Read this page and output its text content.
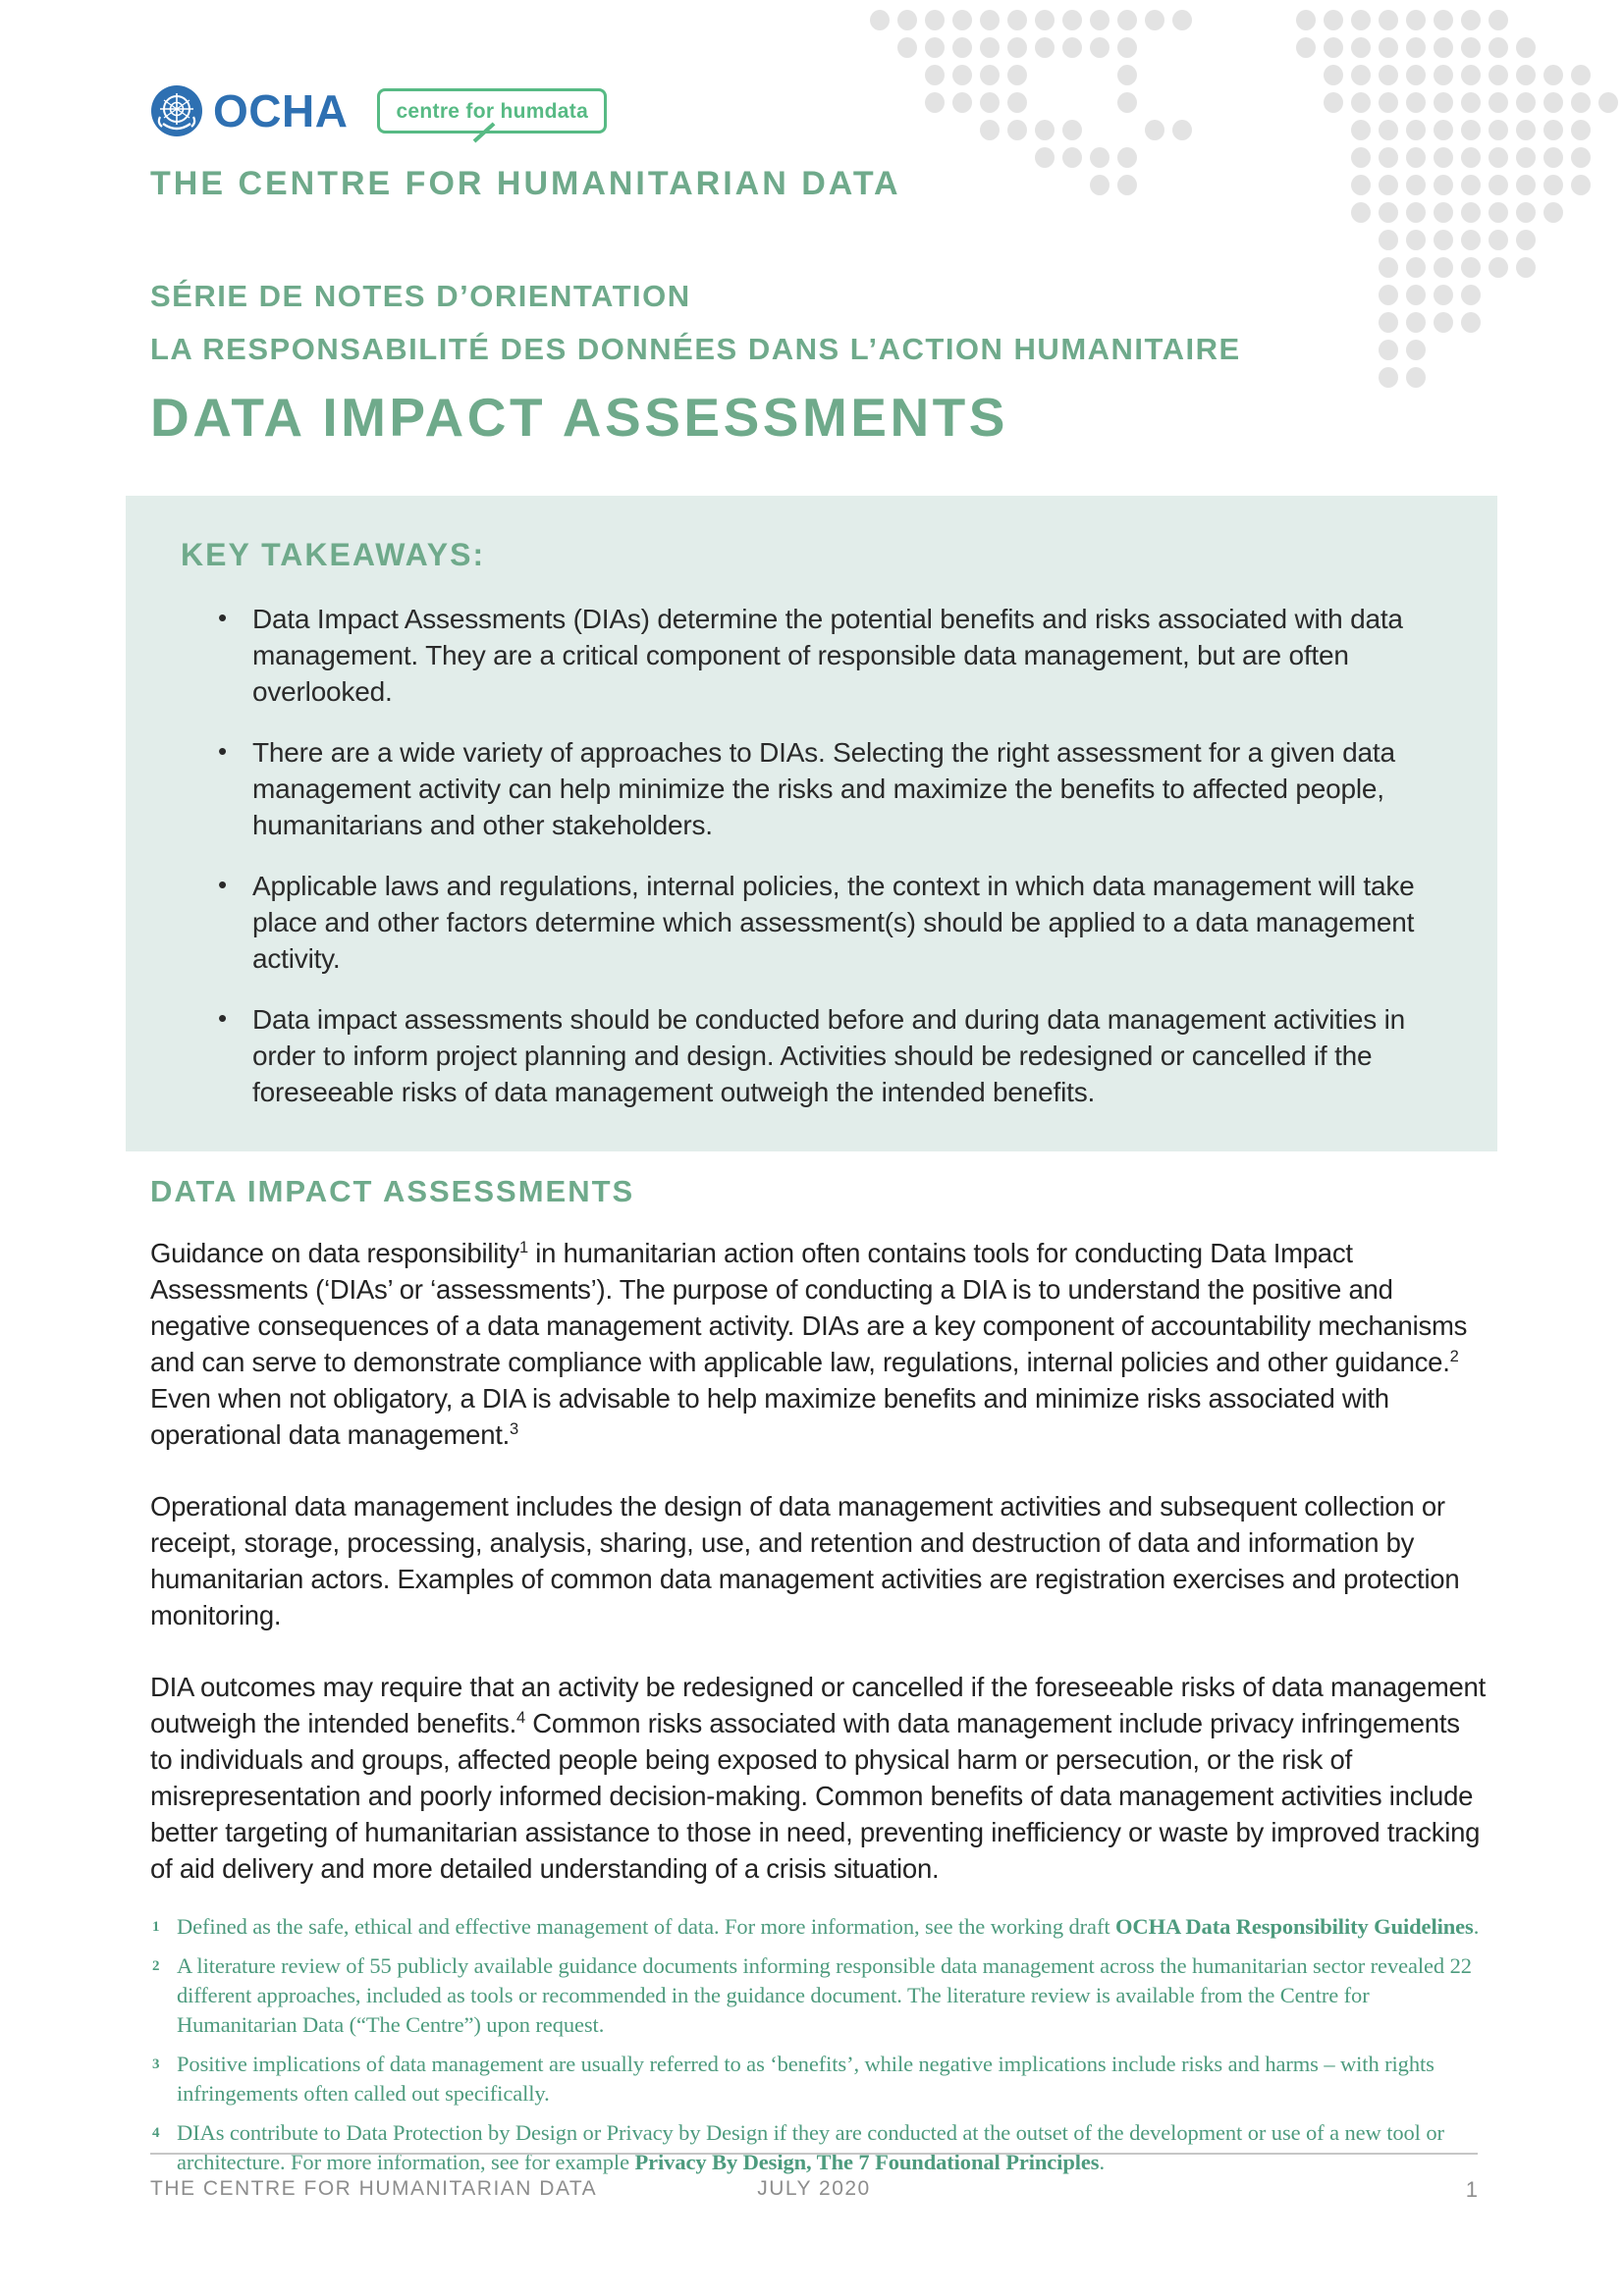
OCHA	centre for humdata
THE CENTRE FOR HUMANITARIAN DATA
SÉRIE DE NOTES D’ORIENTATION
LA RESPONSABILITÉ DES DONNÉES DANS L’ACTION HUMANITAIRE
DATA IMPACT ASSESSMENTS
KEY TAKEAWAYS:
• Data Impact Assessments (DIAs) determine the potential benefits and risks associated with data management. They are a critical component of responsible data management, but are often overlooked.
• There are a wide variety of approaches to DIAs. Selecting the right assessment for a given data management activity can help minimize the risks and maximize the benefits to affected people, humanitarians and other stakeholders.
• Applicable laws and regulations, internal policies, the context in which data management will take place and other factors determine which assessment(s) should be applied to a data management activity.
• Data impact assessments should be conducted before and during data management activities in order to inform project planning and design. Activities should be redesigned or cancelled if the foreseeable risks of data management outweigh the intended benefits.
DATA IMPACT ASSESSMENTS

Guidance on data responsibility$^1$ in humanitarian action often contains tools for conducting Data Impact Assessments (‘DIAs’ or ‘assessments’). The purpose of conducting a DIA is to understand the positive and negative consequences of a data management activity. DIAs are a key component of accountability mechanisms and can serve to demonstrate compliance with applicable law, regulations, internal policies and other guidance.$^2$ Even when not obligatory, a DIA is advisable to help maximize benefits and minimize risks associated with operational data management.$^3$

Operational data management includes the design of data management activities and subsequent collection or receipt, storage, processing, analysis, sharing, use, and retention and destruction of data and information by humanitarian actors. Examples of common data management activities are registration exercises and protection monitoring.

DIA outcomes may require that an activity be redesigned or cancelled if the foreseeable risks of data management outweigh the intended benefits.$^4$ Common risks associated with data management include privacy infringements to individuals and groups, affected people being exposed to physical harm or persecution, or the risk of misrepresentation and poorly informed decision-making. Common benefits of data management activities include better targeting of humanitarian assistance to those in need, preventing inefficiency or waste by improved tracking of aid delivery and more detailed understanding of a crisis situation.

1 Defined as the safe, ethical and effective management of data. For more information, see the working draft OCHA Data Responsibility Guidelines.
2 A literature review of 55 publicly available guidance documents informing responsible data management across the humanitarian sector revealed 22 different approaches, included as tools or recommended in the guidance document. The literature review is available from the Centre for Humanitarian Data (“The Centre”) upon request.
3 Positive implications of data management are usually referred to as ‘benefits’, while negative implications include risks and harms – with rights infringements often called out specifically.
4 DIAs contribute to Data Protection by Design or Privacy by Design if they are conducted at the outset of the development or use of a new tool or architecture. For more information, see for example Privacy By Design, The 7 Foundational Principles.
JULY 2020
THE CENTRE FOR HUMANITARIAN DATA	1
